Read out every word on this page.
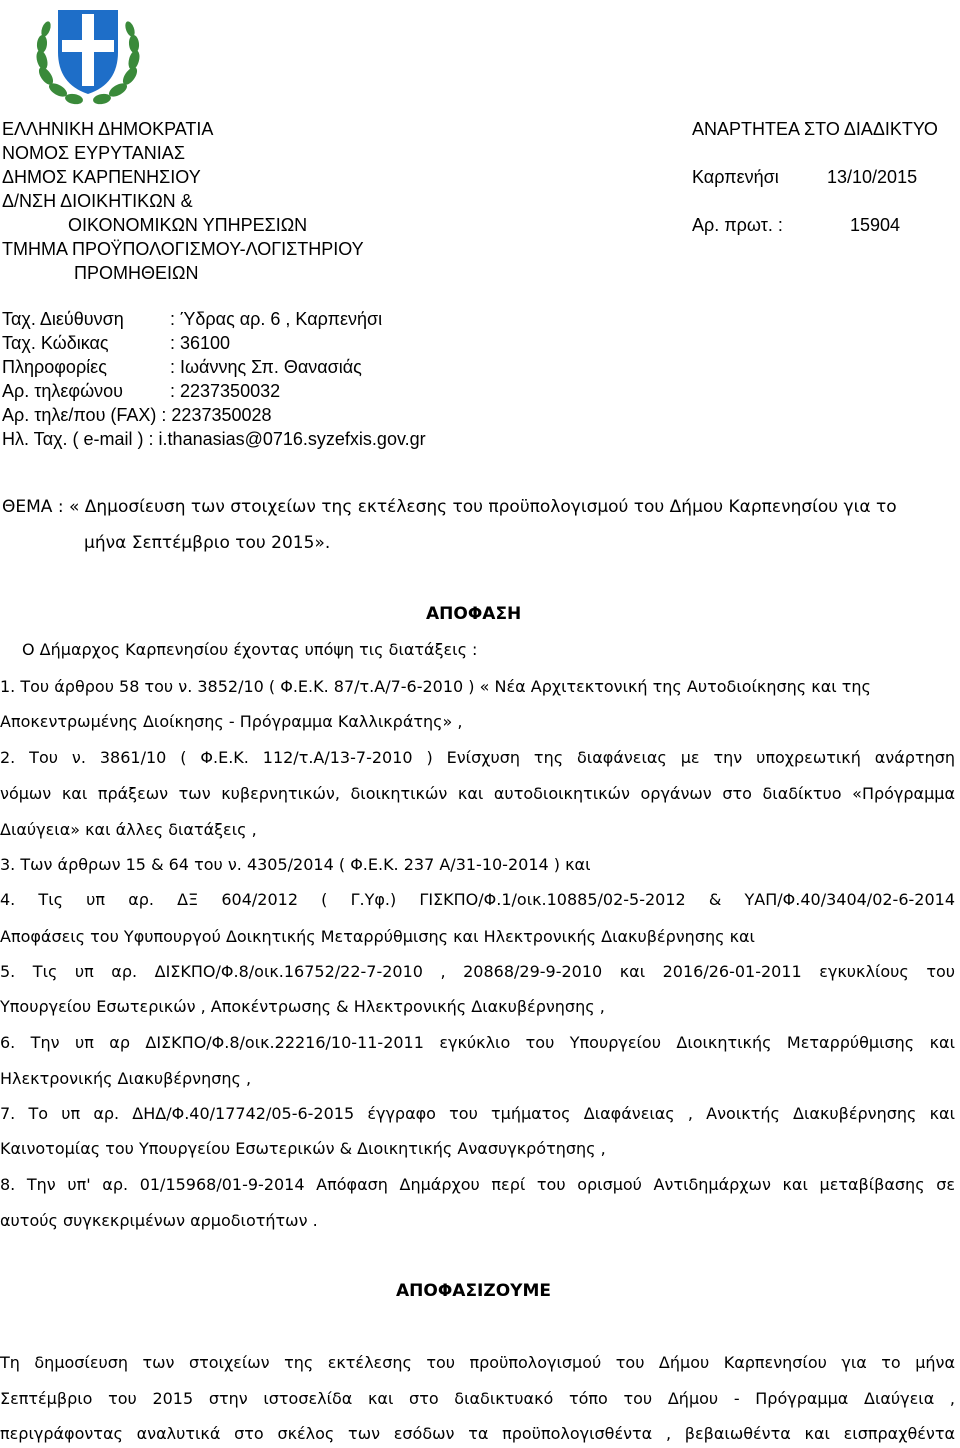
ΕΛΛΗΝΙΚΗ ΔΗΜΟΚΡΑΤΙΑ
ΝΟΜΟΣ ΕΥΡΥΤΑΝΙΑΣ
ΔΗΜΟΣ ΚΑΡΠΕΝΗΣΙΟΥ
Δ/ΝΣΗ ΔΙΟΙΚΗΤΙΚΩΝ &
ΟΙΚΟΝΟΜΙΚΩΝ ΥΠΗΡΕΣΙΩΝ
ΤΜΗΜΑ ΠΡΟΫΠΟΛΟΓΙΣΜΟΥ-ΛΟΓΙΣΤΗΡΙΟΥ
ΠΡΟΜΗΘΕΙΩΝ
ΑΝΑΡΤΗΤΕΑ ΣΤΟ ΔΙΑΔΙΚΤΥΟ
Καρπενήσι	13/10/2015
Αρ. πρωτ. :	15904
Ταχ. Διεύθυνση	: Ύδρας αρ. 6 , Καρπενήσι
Ταχ. Κώδικας	: 36100
Πληροφορίες	: Ιωάννης Σπ. Θανασιάς
Αρ. τηλεφώνου	: 2237350032
Αρ. τηλε/που (FAX) : 2237350028
Ηλ. Ταχ. ( e-mail ) : i.thanasias@0716.syzefxis.gov.gr
ΘΕΜΑ : « Δημοσίευση των στοιχείων της εκτέλεσης του προϋπολογισμού του Δήμου Καρπενησίου για το
μήνα Σεπτέμβριο του 2015».
ΑΠΟΦΑΣΗ
Ο Δήμαρχος Καρπενησίου έχοντας υπόψη τις διατάξεις :
1. Του άρθρου 58 του ν. 3852/10 ( Φ.Ε.Κ. 87/τ.Α/7-6-2010 ) « Νέα Αρχιτεκτονική της Αυτοδιοίκησης και της
Αποκεντρωμένης Διοίκησης - Πρόγραμμα Καλλικράτης» ,
2. Του ν. 3861/10 ( Φ.Ε.Κ. 112/τ.Α/13-7-2010 ) Ενίσχυση της διαφάνειας με την υποχρεωτική ανάρτηση
νόμων και πράξεων των κυβερνητικών, διοικητικών και αυτοδιοικητικών οργάνων στο διαδίκτυο «Πρόγραμμα
Διαύγεια» και άλλες διατάξεις ,
3. Των άρθρων 15 & 64 του ν. 4305/2014 ( Φ.Ε.Κ. 237 Α/31-10-2014 ) και
4. Τις υπ αρ. ΔΞ 604/2012 ( Γ.Υφ.) ΓΙΣΚΠΟ/Φ.1/οικ.10885/02-5-2012 & ΥΑΠ/Φ.40/3404/02-6-2014
Αποφάσεις του Υφυπουργού Δοικητικής Μεταρρύθμισης και Ηλεκτρονικής Διακυβέρνησης και
5. Τις υπ αρ. ΔΙΣΚΠΟ/Φ.8/οικ.16752/22-7-2010 , 20868/29-9-2010 και 2016/26-01-2011 εγκυκλίους του
Υπουργείου Εσωτερικών , Αποκέντρωσης & Ηλεκτρονικής Διακυβέρνησης ,
6. Την υπ αρ ΔΙΣΚΠΟ/Φ.8/οικ.22216/10-11-2011 εγκύκλιο του Υπουργείου Διοικητικής Μεταρρύθμισης και
Ηλεκτρονικής Διακυβέρνησης ,
7. Το υπ αρ. ΔΗΔ/Φ.40/17742/05-6-2015 έγγραφο του τμήματος Διαφάνειας , Ανοικτής Διακυβέρνησης και
Καινοτομίας του Υπουργείου Εσωτερικών & Διοικητικής Ανασυγκρότησης ,
8. Την υπ' αρ. 01/15968/01-9-2014 Απόφαση Δημάρχου περί του ορισμού Αντιδημάρχων και μεταβίβασης σε
αυτούς συγκεκριμένων αρμοδιοτήτων .
ΑΠΟΦΑΣΙΖΟΥΜΕ
Τη δημοσίευση των στοιχείων της εκτέλεσης του προϋπολογισμού του Δήμου Καρπενησίου για το μήνα
Σεπτέμβριο του 2015 στην ιστοσελίδα και στο διαδικτυακό τόπο του Δήμου - Πρόγραμμα Διαύγεια ,
περιγράφοντας αναλυτικά στο σκέλος των εσόδων τα προϋπολογισθέντα , βεβαιωθέντα και εισπραχθέντα
